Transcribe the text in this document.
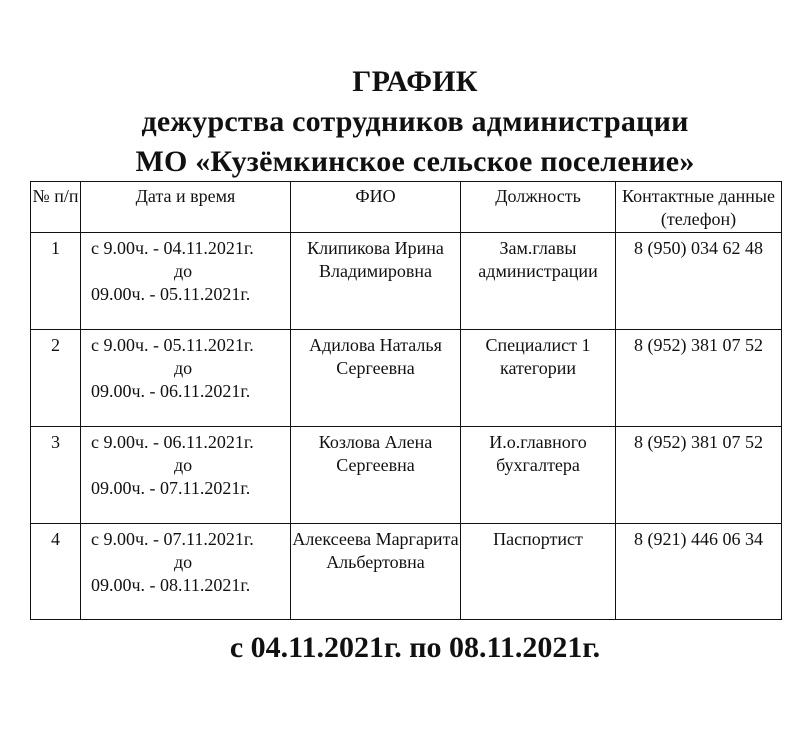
ГРАФИК
дежурства сотрудников администрации
МО «Кузёмкинское сельское поселение»
№ п/п	Дата и время	ФИО	Должность	Контактные данные (телефон)
1	с 9.00ч. - 04.11.2021г.
до
09.00ч. - 05.11.2021г.	Клипикова Ирина Владимировна	Зам.главы администрации	8 (950) 034 62 48
2	с 9.00ч. - 05.11.2021г.
до
09.00ч. - 06.11.2021г.	Адилова Наталья Сергеевна	Специалист 1 категории	8 (952) 381 07 52
3	с 9.00ч. - 06.11.2021г.
до
09.00ч. - 07.11.2021г.	Козлова Алена Сергеевна	И.о.главного бухгалтера	8 (952) 381 07 52
4	с 9.00ч. - 07.11.2021г.
до
09.00ч. - 08.11.2021г.	Алексеева Маргарита Альбертовна	Паспортист	8 (921) 446 06 34
с 04.11.2021г. по 08.11.2021г.
